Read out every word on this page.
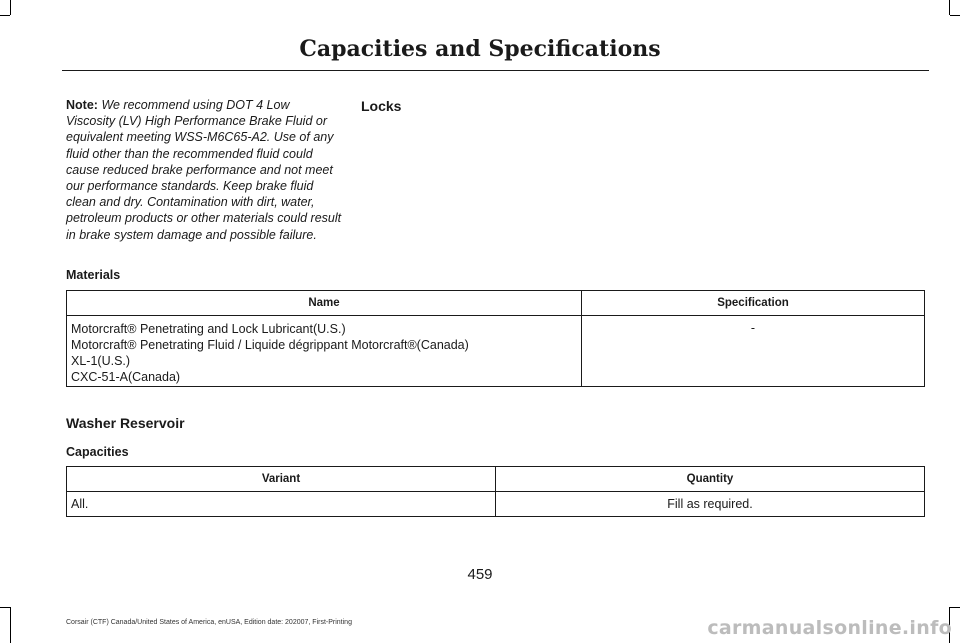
Capacities and Specifications
Note: We recommend using DOT 4 Low Viscosity (LV) High Performance Brake Fluid or equivalent meeting WSS-M6C65-A2. Use of any fluid other than the recommended fluid could cause reduced brake performance and not meet our performance standards. Keep brake fluid clean and dry. Contamination with dirt, water, petroleum products or other materials could result in brake system damage and possible failure.
Locks
Materials
Name	Specification

Motorcraft® Penetrating and Lock Lubricant(U.S.)
Motorcraft® Penetrating Fluid / Liquide dégrippant Motorcraft®(Canada)
XL-1(U.S.)
CXC-51-A(Canada)	-
Washer Reservoir
Capacities
Variant	Quantity
All.	Fill as required.
459
Corsair (CTF) Canada/United States of America, enUSA, Edition date: 202007, First-Printing	carmanualsonline.info
